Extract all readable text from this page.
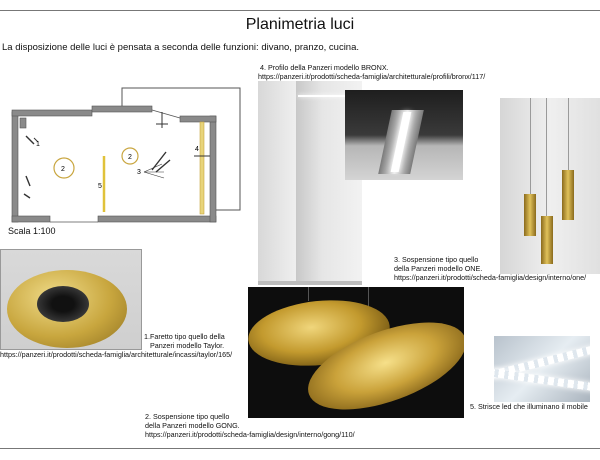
Planimetria luci
La disposizione delle luci è pensata a seconda delle funzioni: divano, pranzo, cucina.
1
2
2
3
4
5
Scala 1:100
4. Profilo della Panzeri modello BRONX.
https://panzeri.it/prodotti/scheda-famiglia/architetturale/profili/bronx/117/
3. Sospensione tipo quello
della Panzeri modello ONE.
https://panzeri.it/prodotti/scheda-famiglia/design/interno/one/
1.Faretto tipo quello della
Panzeri modello Taylor.
https://panzeri.it/prodotti/scheda-famiglia/architetturale/incassi/taylor/165/
2. Sospensione tipo quello
della Panzeri modello GONG.
https://panzeri.it/prodotti/scheda-famiglia/design/interno/gong/110/
5. Strisce led che illuminano il mobile
